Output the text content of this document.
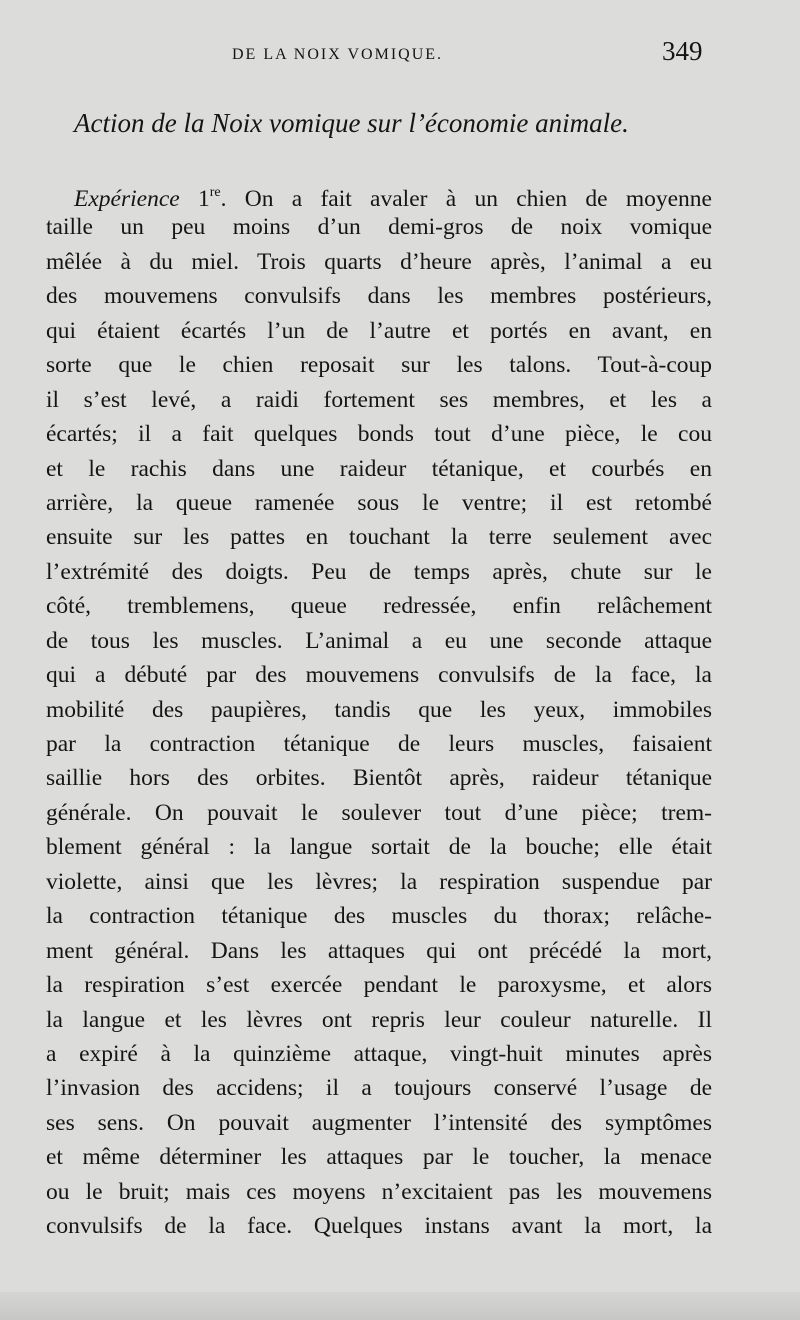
DE LA NOIX VOMIQUE.	349
Action de la Noix vomique sur l’économie animale.
Expérience 1re. On a fait avaler à un chien de moyenne
taille un peu moins d’un demi-gros de noix vomique
mêlée à du miel. Trois quarts d’heure après, l’animal a eu
des mouvemens convulsifs dans les membres postérieurs,
qui étaient écartés l’un de l’autre et portés en avant, en
sorte que le chien reposait sur les talons. Tout-à-coup
il s’est levé, a raidi fortement ses membres, et les a
écartés; il a fait quelques bonds tout d’une pièce, le cou
et le rachis dans une raideur tétanique, et courbés en
arrière, la queue ramenée sous le ventre; il est retombé
ensuite sur les pattes en touchant la terre seulement avec
l’extrémité des doigts. Peu de temps après, chute sur le
côté, tremblemens, queue redressée, enfin relâchement
de tous les muscles. L’animal a eu une seconde attaque
qui a débuté par des mouvemens convulsifs de la face, la
mobilité des paupières, tandis que les yeux, immobiles
par la contraction tétanique de leurs muscles, faisaient
saillie hors des orbites. Bientôt après, raideur tétanique
générale. On pouvait le soulever tout d’une pièce; trem-
blement général : la langue sortait de la bouche; elle était
violette, ainsi que les lèvres; la respiration suspendue par
la contraction tétanique des muscles du thorax; relâche-
ment général. Dans les attaques qui ont précédé la mort,
la respiration s’est exercée pendant le paroxysme, et alors
la langue et les lèvres ont repris leur couleur naturelle. Il
a expiré à la quinzième attaque, vingt-huit minutes après
l’invasion des accidens; il a toujours conservé l’usage de
ses sens. On pouvait augmenter l’intensité des symptômes
et même déterminer les attaques par le toucher, la menace
ou le bruit; mais ces moyens n’excitaient pas les mouvemens
convulsifs de la face. Quelques instans avant la mort, la
